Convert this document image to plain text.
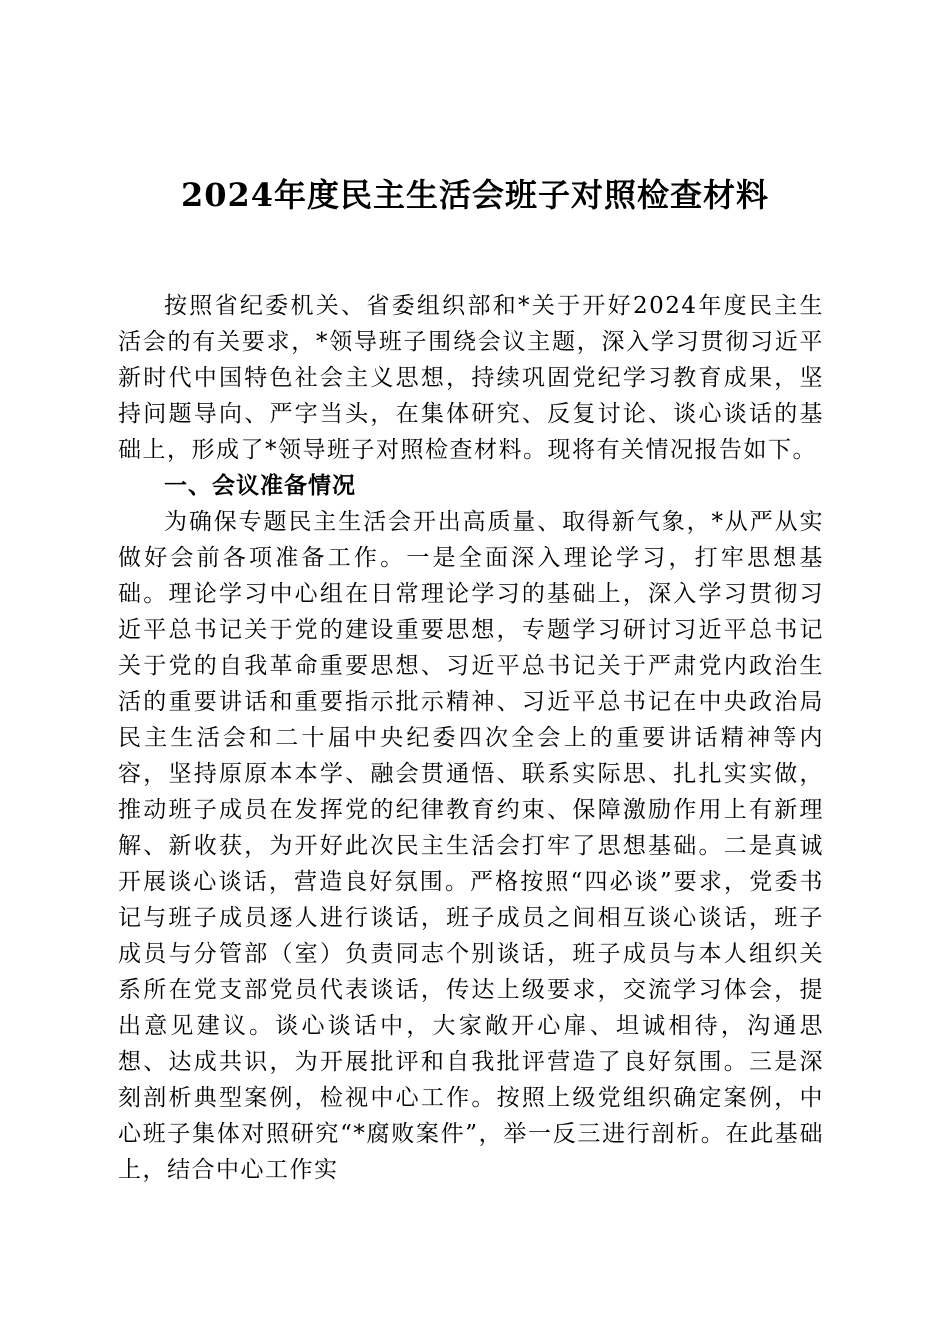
2024年度民主生活会班子对照检查材料

按照省纪委机关、省委组织部和*关于开好2024年度民主生活会的有关要求，*领导班子围绕会议主题，深入学习贯彻习近平新时代中国特色社会主义思想，持续巩固党纪学习教育成果，坚持问题导向、严字当头，在集体研究、反复讨论、谈心谈话的基础上，形成了*领导班子对照检查材料。现将有关情况报告如下。

一、会议准备情况

为确保专题民主生活会开出高质量、取得新气象，*从严从实做好会前各项准备工作。一是全面深入理论学习，打牢思想基础。理论学习中心组在日常理论学习的基础上，深入学习贯彻习近平总书记关于党的建设重要思想，专题学习研讨习近平总书记关于党的自我革命重要思想、习近平总书记关于严肃党内政治生活的重要讲话和重要指示批示精神、习近平总书记在中央政治局民主生活会和二十届中央纪委四次全会上的重要讲话精神等内容，坚持原原本本学、融会贯通悟、联系实际思、扎扎实实做，推动班子成员在发挥党的纪律教育约束、保障激励作用上有新理解、新收获，为开好此次民主生活会打牢了思想基础。二是真诚开展谈心谈话，营造良好氛围。严格按照“四必谈”要求，党委书记与班子成员逐人进行谈话，班子成员之间相互谈心谈话，班子成员与分管部（室）负责同志个别谈话，班子成员与本人组织关系所在党支部党员代表谈话，传达上级要求，交流学习体会，提出意见建议。谈心谈话中，大家敞开心扉、坦诚相待，沟通思想、达成共识，为开展批评和自我批评营造了良好氛围。三是深刻剖析典型案例，检视中心工作。按照上级党组织确定案例，中心班子集体对照研究“*腐败案件”，举一反三进行剖析。在此基础上，结合中心工作实
